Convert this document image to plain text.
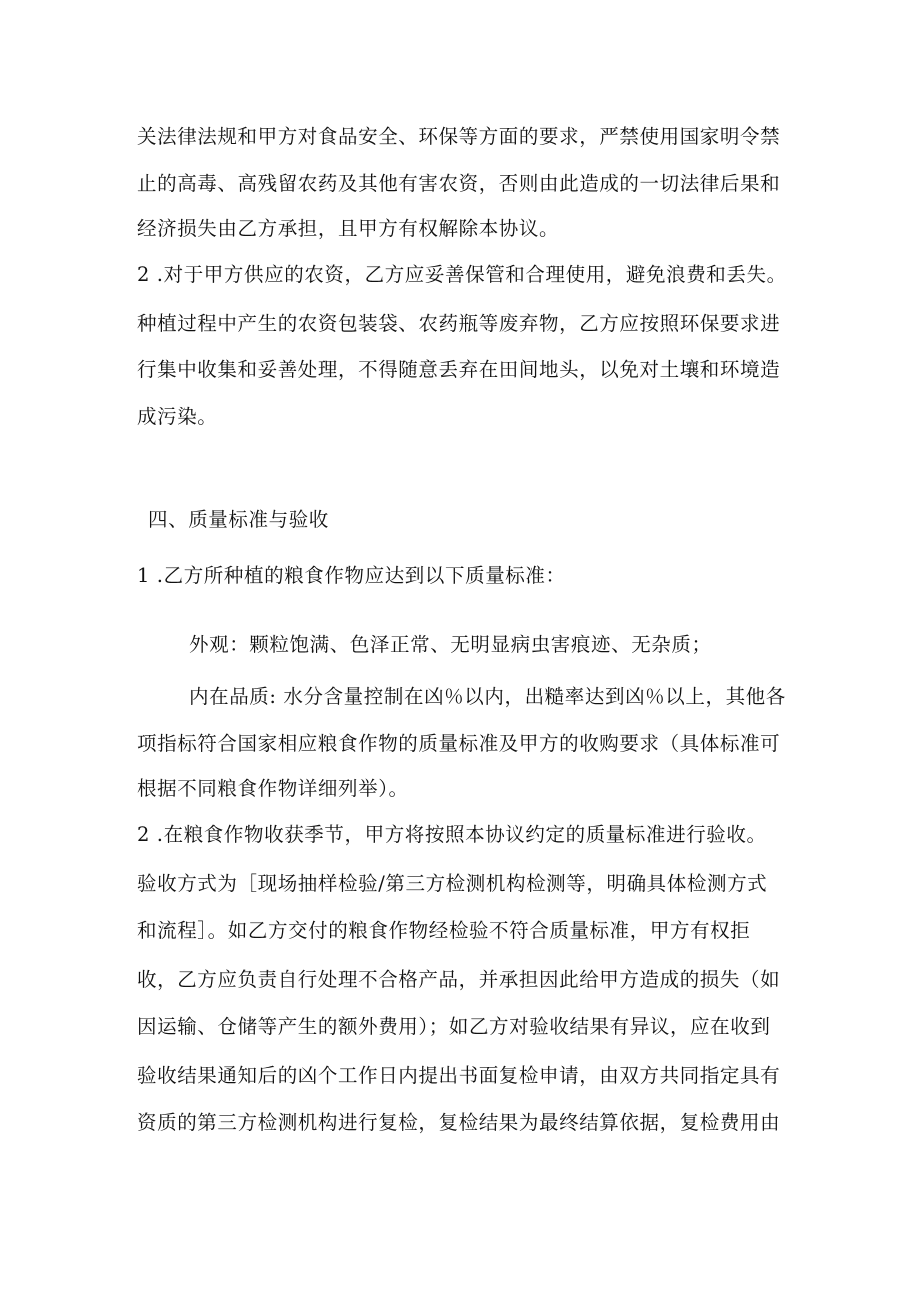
关法律法规和甲方对食品安全、环保等方面的要求，严禁使用国家明令禁
止的高毒、高残留农药及其他有害农资，否则由此造成的一切法律后果和
经济损失由乙方承担，且甲方有权解除本协议。
2 .对于甲方供应的农资，乙方应妥善保管和合理使用，避免浪费和丢失。
种植过程中产生的农资包装袋、农药瓶等废弃物，乙方应按照环保要求进
行集中收集和妥善处理，不得随意丢弃在田间地头，以免对土壤和环境造
成污染。
四、质量标准与验收
1 .乙方所种植的粮食作物应达到以下质量标准：
外观：颗粒饱满、色泽正常、无明显病虫害痕迹、无杂质；
内在品质: 水分含量控制在凶％以内，出糙率达到凶％以上，其他各
项指标符合国家相应粮食作物的质量标准及甲方的收购要求（具体标准可
根据不同粮食作物详细列举）。
2 .在粮食作物收获季节，甲方将按照本协议约定的质量标准进行验收。
验收方式为［现场抽样检验/第三方检测机构检测等，明确具体检测方式
和流程］。如乙方交付的粮食作物经检验不符合质量标准，甲方有权拒
收，乙方应负责自行处理不合格产品，并承担因此给甲方造成的损失（如
因运输、仓储等产生的额外费用）；如乙方对验收结果有异议，应在收到
验收结果通知后的凶个工作日内提出书面复检申请，由双方共同指定具有
资质的第三方检测机构进行复检，复检结果为最终结算依据，复检费用由
